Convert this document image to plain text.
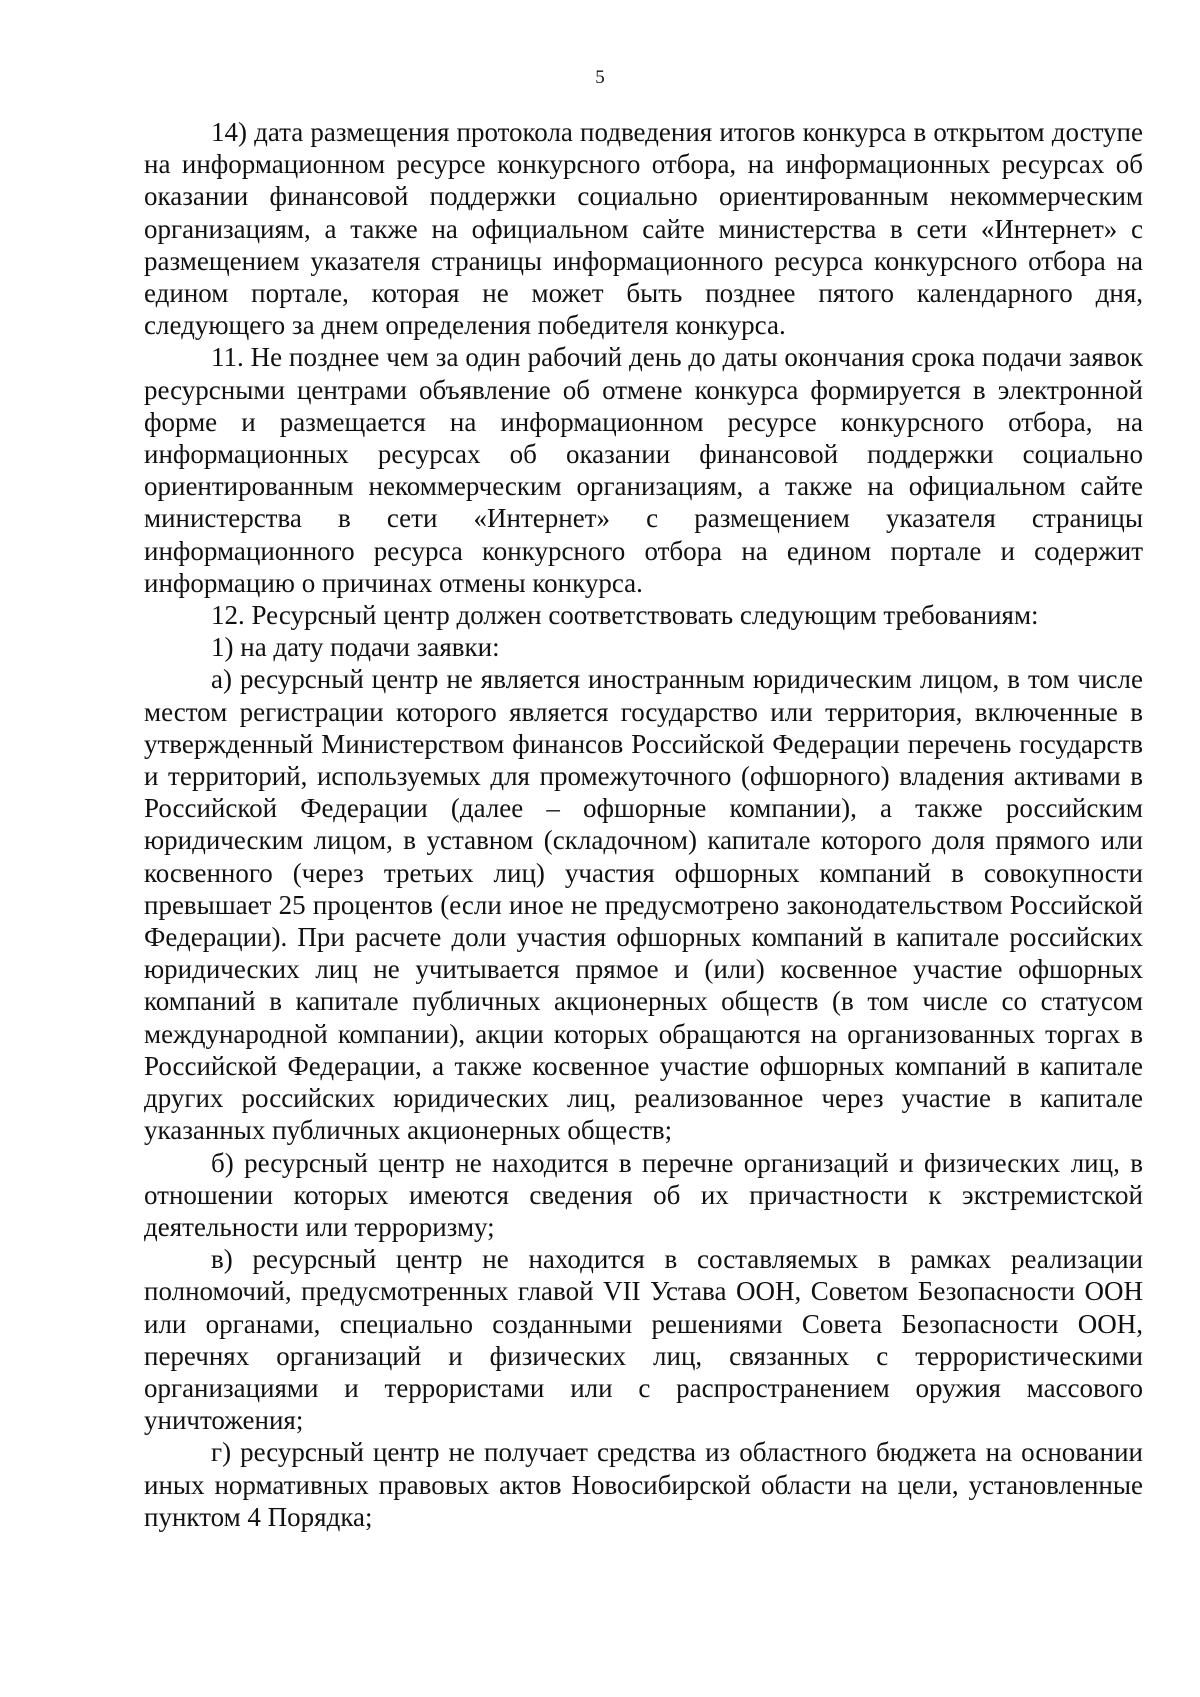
5

14) дата размещения протокола подведения итогов конкурса в открытом доступе на информационном ресурсе конкурсного отбора, на информационных ресурсах об оказании финансовой поддержки социально ориентированным некоммерческим организациям, а также на официальном сайте министерства в сети «Интернет» с размещением указателя страницы информационного ресурса конкурсного отбора на едином портале, которая не может быть позднее пятого календарного дня, следующего за днем определения победителя конкурса.

11. Не позднее чем за один рабочий день до даты окончания срока подачи заявок ресурсными центрами объявление об отмене конкурса формируется в электронной форме и размещается на информационном ресурсе конкурсного отбора, на информационных ресурсах об оказании финансовой поддержки социально ориентированным некоммерческим организациям, а также на официальном сайте министерства в сети «Интернет» с размещением указателя страницы информационного ресурса конкурсного отбора на едином портале и содержит информацию о причинах отмены конкурса.

12. Ресурсный центр должен соответствовать следующим требованиям:

1) на дату подачи заявки:

а) ресурсный центр не является иностранным юридическим лицом, в том числе местом регистрации которого является государство или территория, включенные в утвержденный Министерством финансов Российской Федерации перечень государств и территорий, используемых для промежуточного (офшорного) владения активами в Российской Федерации (далее – офшорные компании), а также российским юридическим лицом, в уставном (складочном) капитале которого доля прямого или косвенного (через третьих лиц) участия офшорных компаний в совокупности превышает 25 процентов (если иное не предусмотрено законодательством Российской Федерации). При расчете доли участия офшорных компаний в капитале российских юридических лиц не учитывается прямое и (или) косвенное участие офшорных компаний в капитале публичных акционерных обществ (в том числе со статусом международной компании), акции которых обращаются на организованных торгах в Российской Федерации, а также косвенное участие офшорных компаний в капитале других российских юридических лиц, реализованное через участие в капитале указанных публичных акционерных обществ;

б) ресурсный центр не находится в перечне организаций и физических лиц, в отношении которых имеются сведения об их причастности к экстремистской деятельности или терроризму;

в) ресурсный центр не находится в составляемых в рамках реализации полномочий, предусмотренных главой VII Устава ООН, Советом Безопасности ООН или органами, специально созданными решениями Совета Безопасности ООН, перечнях организаций и физических лиц, связанных с террористическими организациями и террористами или с распространением оружия массового уничтожения;

г) ресурсный центр не получает средства из областного бюджета на основании иных нормативных правовых актов Новосибирской области на цели, установленные пунктом 4 Порядка;
